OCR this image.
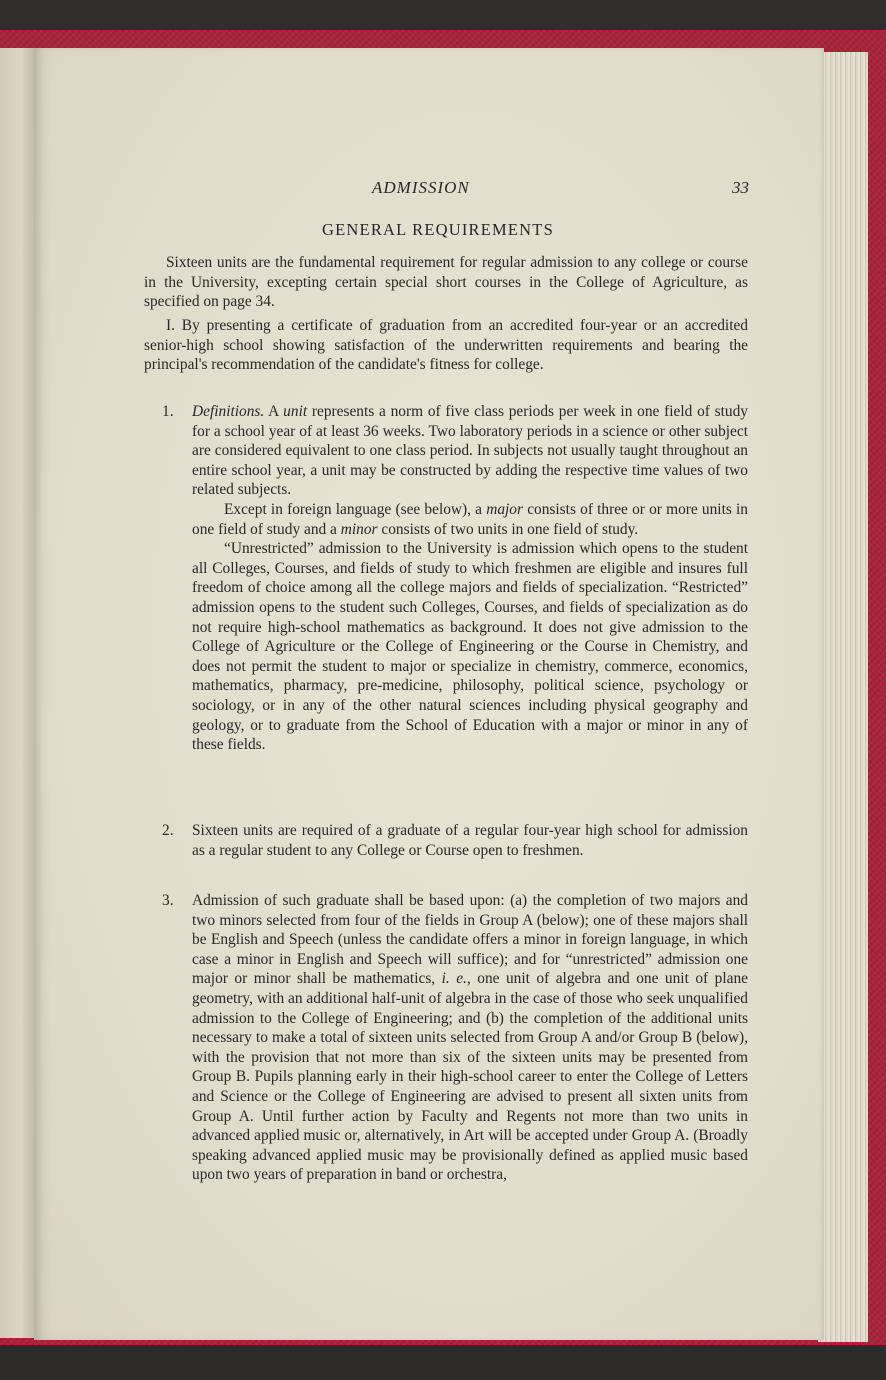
ADMISSION	33
GENERAL REQUIREMENTS

Sixteen units are the fundamental requirement for regular admission to any college or course in the University, excepting certain special short courses in the College of Agriculture, as specified on page 34.

I. By presenting a certificate of graduation from an accredited four-year or an accredited senior-high school showing satisfaction of the underwritten requirements and bearing the principal's recommendation of the candidate's fitness for college.

1. Definitions. A unit represents a norm of five class periods per week in one field of study for a school year of at least 36 weeks. Two laboratory periods in a science or other subject are considered equivalent to one class period. In subjects not usually taught throughout an entire school year, a unit may be constructed by adding the respective time values of two related subjects.

Except in foreign language (see below), a major consists of three or or more units in one field of study and a minor consists of two units in one field of study.

“Unrestricted” admission to the University is admission which opens to the student all Colleges, Courses, and fields of study to which freshmen are eligible and insures full freedom of choice among all the college majors and fields of specialization. “Restricted” admission opens to the student such Colleges, Courses, and fields of specialization as do not require high-school mathematics as background. It does not give admission to the College of Agriculture or the College of Engineering or the Course in Chemistry, and does not permit the student to major or specialize in chemistry, commerce, economics, mathematics, pharmacy, pre-medicine, philosophy, political science, psychology or sociology, or in any of the other natural sciences including physical geography and geology, or to graduate from the School of Education with a major or minor in any of these fields.

2. Sixteen units are required of a graduate of a regular four-year high school for admission as a regular student to any College or Course open to freshmen.

3. Admission of such graduate shall be based upon: (a) the completion of two majors and two minors selected from four of the fields in Group A (below); one of these majors shall be English and Speech (unless the candidate offers a minor in foreign language, in which case a minor in English and Speech will suffice); and for “unrestricted” admission one major or minor shall be mathematics, i. e., one unit of algebra and one unit of plane geometry, with an additional half-unit of algebra in the case of those who seek unqualified admission to the College of Engineering; and (b) the completion of the additional units necessary to make a total of sixteen units selected from Group A and/or Group B (below), with the provision that not more than six of the sixteen units may be presented from Group B. Pupils planning early in their high-school career to enter the College of Letters and Science or the College of Engineering are advised to present all sixten units from Group A. Until further action by Faculty and Regents not more than two units in advanced applied music or, alternatively, in Art will be accepted under Group A. (Broadly speaking advanced applied music may be provisionally defined as applied music based upon two years of preparation in band or orchestra,
